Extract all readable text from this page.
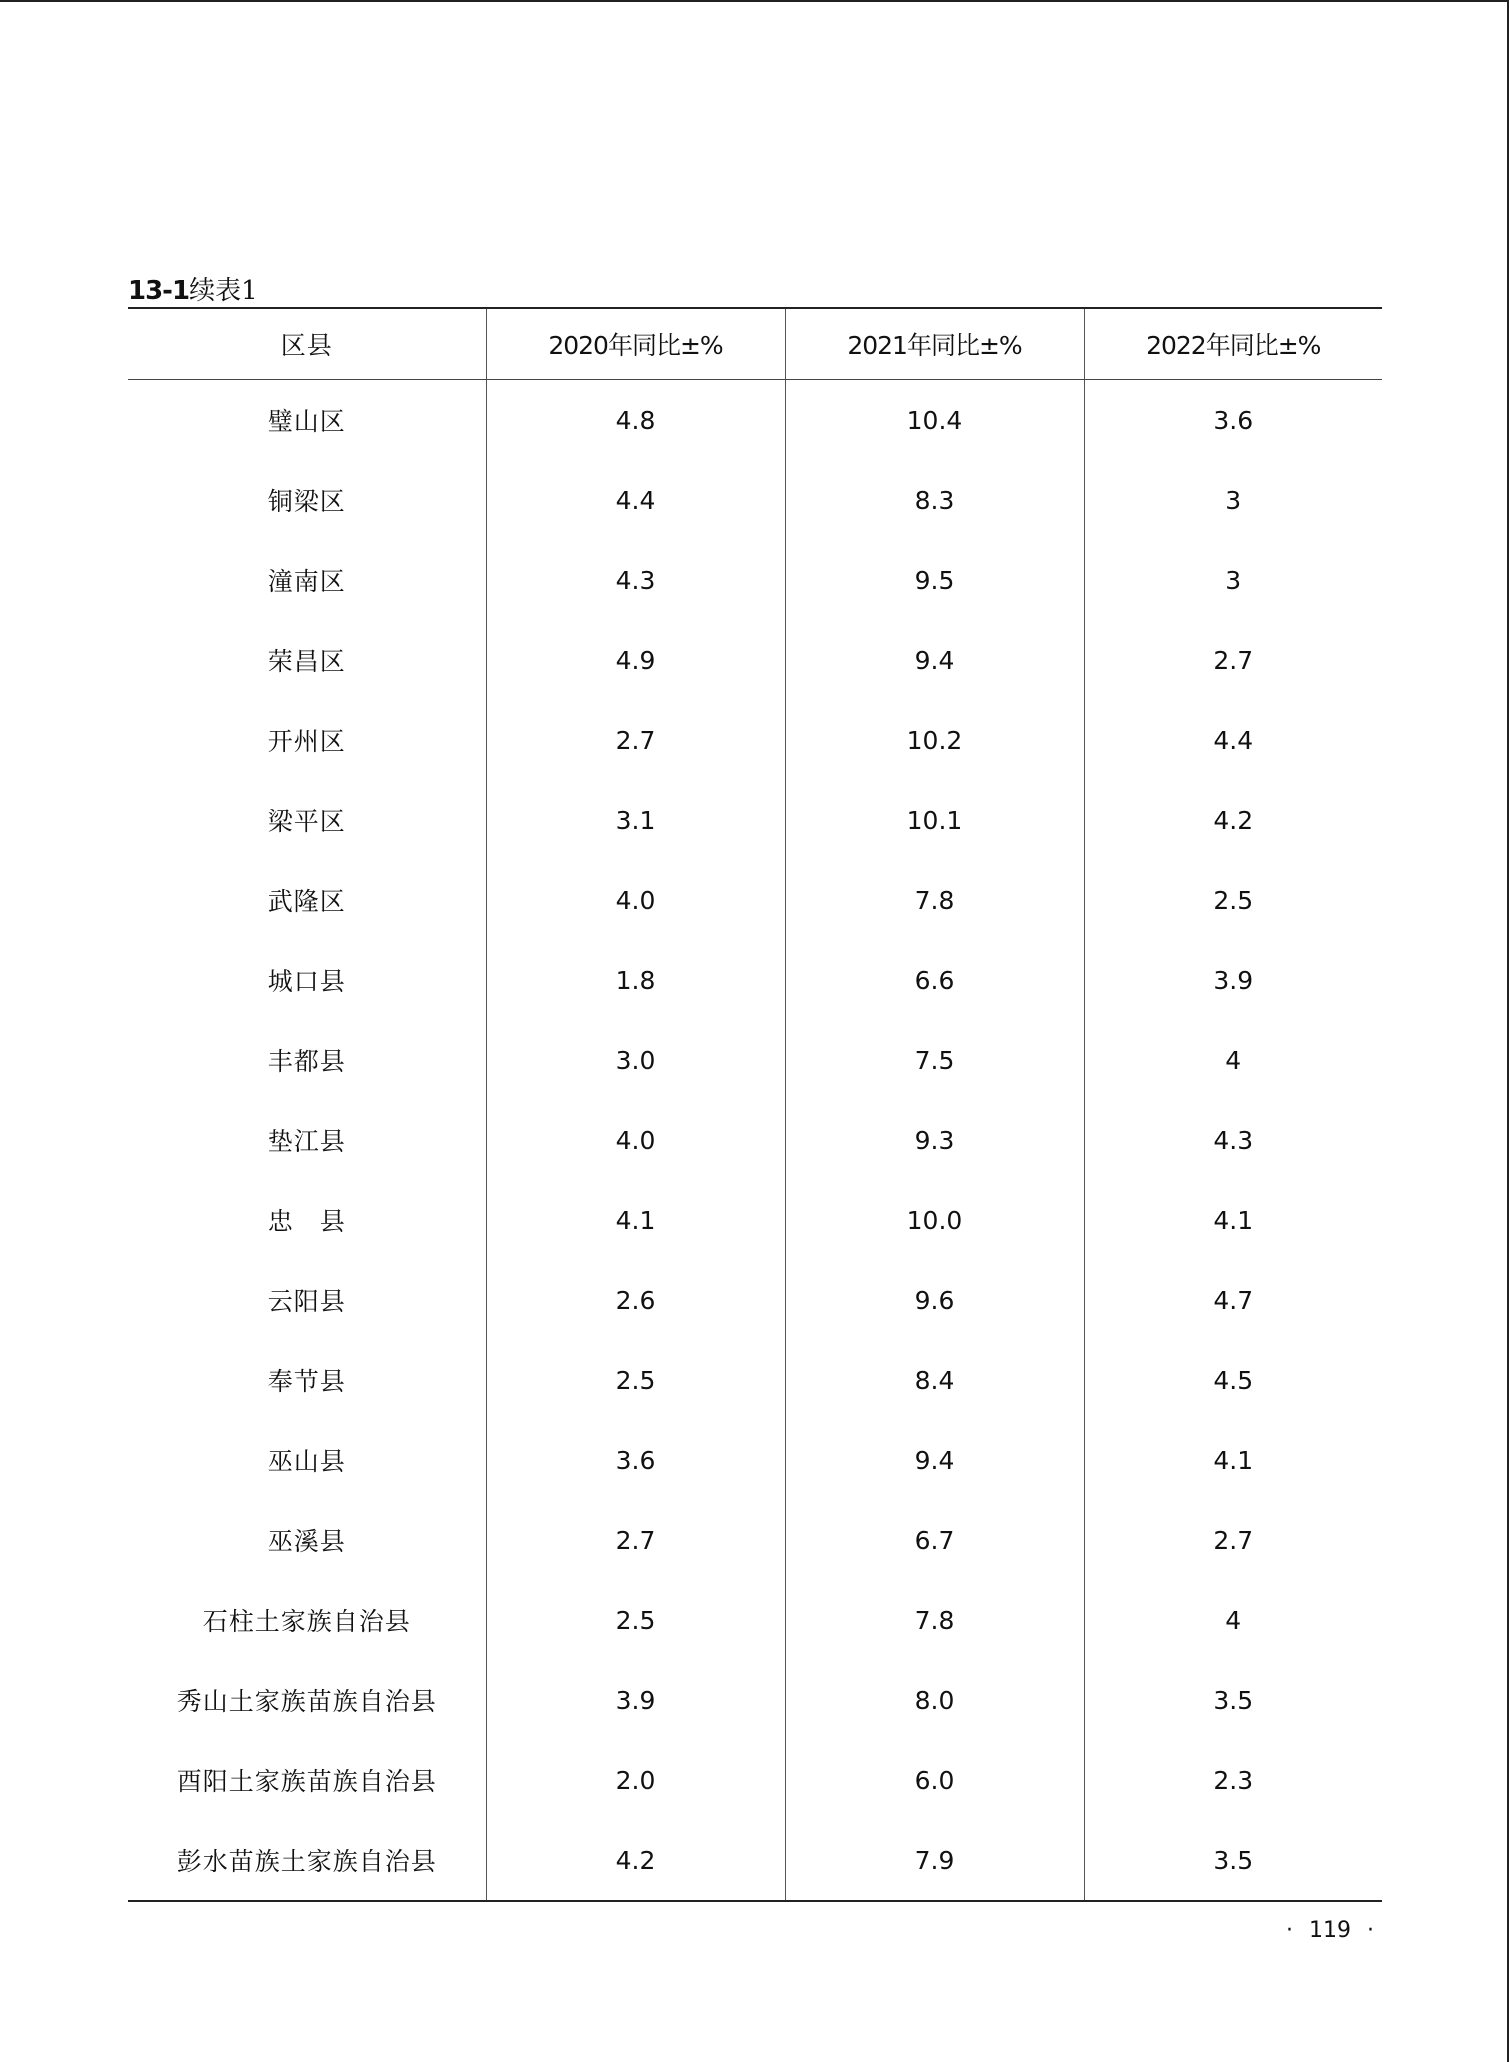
13-1续表1
区县	2020年同比±%	2021年同比±%	2022年同比±%
璧山区	4.8	10.4	3.6
铜梁区	4.4	8.3	3
潼南区	4.3	9.5	3
荣昌区	4.9	9.4	2.7
开州区	2.7	10.2	4.4
梁平区	3.1	10.1	4.2
武隆区	4.0	7.8	2.5
城口县	1.8	6.6	3.9
丰都县	3.0	7.5	4
垫江县	4.0	9.3	4.3
忠　县	4.1	10.0	4.1
云阳县	2.6	9.6	4.7
奉节县	2.5	8.4	4.5
巫山县	3.6	9.4	4.1
巫溪县	2.7	6.7	2.7
石柱土家族自治县	2.5	7.8	4
秀山土家族苗族自治县	3.9	8.0	3.5
酉阳土家族苗族自治县	2.0	6.0	2.3
彭水苗族土家族自治县	4.2	7.9	3.5
· 119 ·
